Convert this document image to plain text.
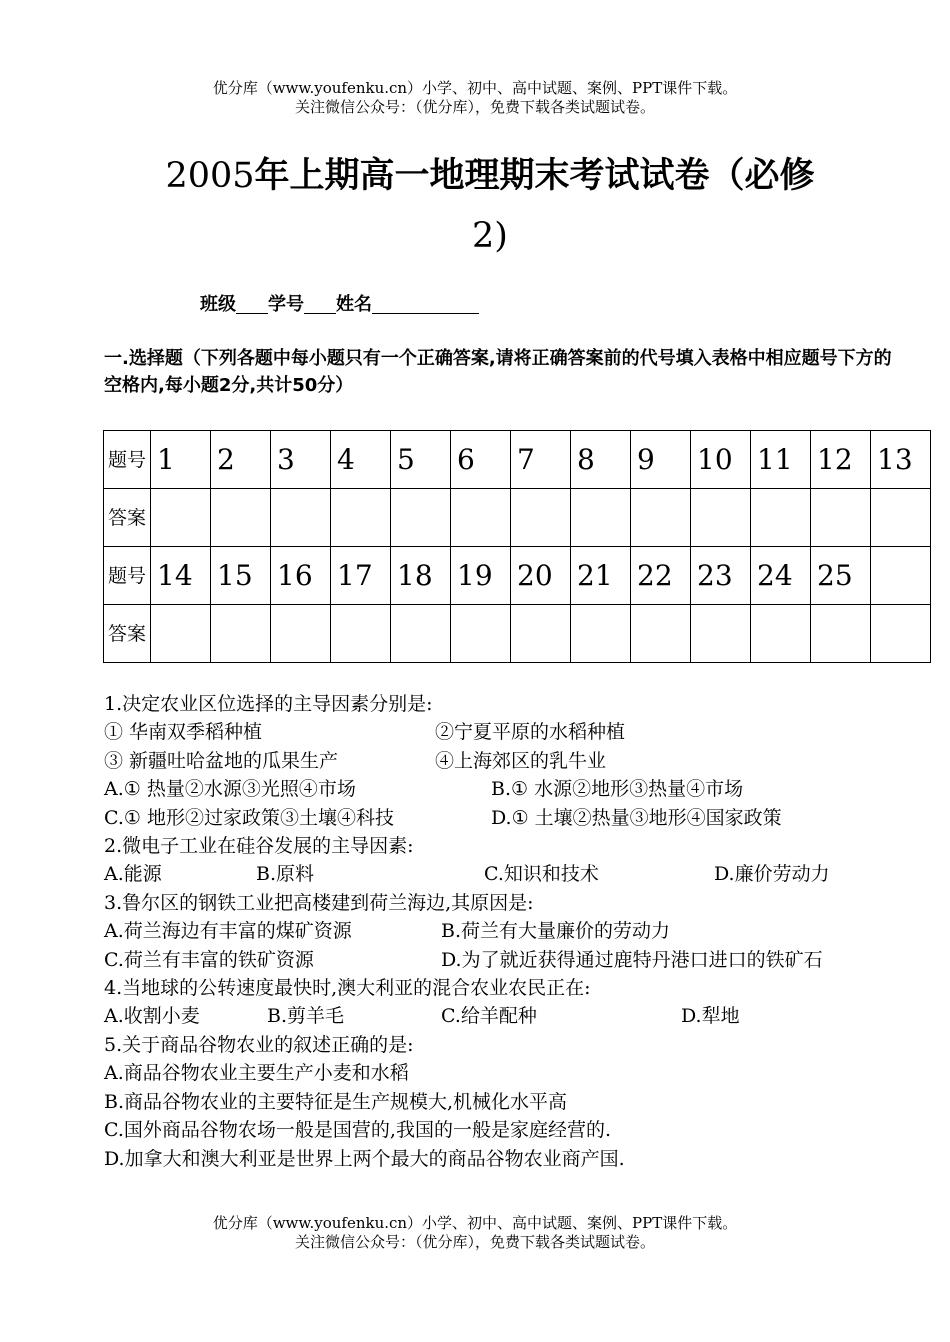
优分库（www.youfenku.cn）小学、初中、高中试题、案例、PPT课件下载。
关注微信公众号：（优分库），免费下载各类试题试卷。
2005年上期高一地理期末考试试卷（必修
2)
班级 学号 姓名
一.选择题（下列各题中每小题只有一个正确答案,请将正确答案前的代号填入表格中相应题号下方的空格内,每小题2分,共计50分）
题号	1	2	3	4	5	6	7	8	9	10	11	12	13
答案													
题号	14	15	16	17	18	19	20	21	22	23	24	25	
答案													
1.决定农业区位选择的主导因素分别是:
① 华南双季稻种植	②宁夏平原的水稻种植
③ 新疆吐哈盆地的瓜果生产	④上海郊区的乳牛业
A.① 热量②水源③光照④市场	B.① 水源②地形③热量④市场
C.① 地形②过家政策③土壤④科技	D.① 土壤②热量③地形④国家政策
2.微电子工业在硅谷发展的主导因素:
A.能源	B.原料	C.知识和技术	D.廉价劳动力
3.鲁尔区的钢铁工业把高楼建到荷兰海边,其原因是:
A.荷兰海边有丰富的煤矿资源	B.荷兰有大量廉价的劳动力
C.荷兰有丰富的铁矿资源	D.为了就近获得通过鹿特丹港口进口的铁矿石
4.当地球的公转速度最快时,澳大利亚的混合农业农民正在:
A.收割小麦	B.剪羊毛	C.给羊配种	D.犁地
5.关于商品谷物农业的叙述正确的是:
A.商品谷物农业主要生产小麦和水稻
B.商品谷物农业的主要特征是生产规模大,机械化水平高
C.国外商品谷物农场一般是国营的,我国的一般是家庭经营的.
D.加拿大和澳大利亚是世界上两个最大的商品谷物农业商产国.
优分库（www.youfenku.cn）小学、初中、高中试题、案例、PPT课件下载。
关注微信公众号：（优分库），免费下载各类试题试卷。
